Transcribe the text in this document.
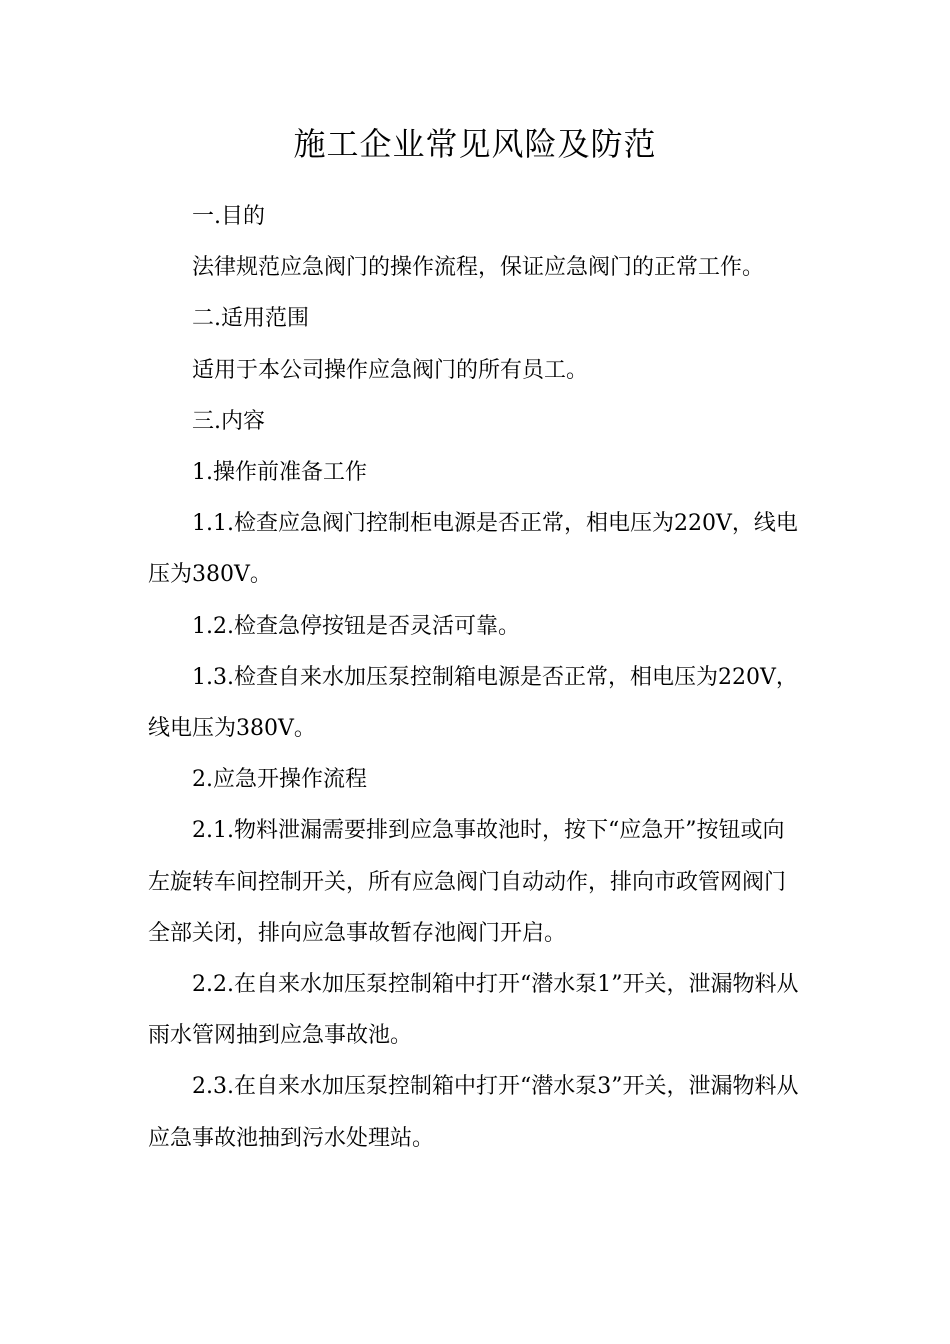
施工企业常见风险及防范

一.目的

法律规范应急阀门的操作流程，保证应急阀门的正常工作。

二.适用范围

适用于本公司操作应急阀门的所有员工。

三.内容

1.操作前准备工作

1.1.检查应急阀门控制柜电源是否正常，相电压为220V，线电压为380V。

1.2.检查急停按钮是否灵活可靠。

1.3.检查自来水加压泵控制箱电源是否正常，相电压为220V，线电压为380V。

2.应急开操作流程

2.1.物料泄漏需要排到应急事故池时，按下“应急开”按钮或向左旋转车间控制开关，所有应急阀门自动动作，排向市政管网阀门全部关闭，排向应急事故暂存池阀门开启。

2.2.在自来水加压泵控制箱中打开“潜水泵1”开关，泄漏物料从雨水管网抽到应急事故池。

2.3.在自来水加压泵控制箱中打开“潜水泵3”开关，泄漏物料从应急事故池抽到污水处理站。
